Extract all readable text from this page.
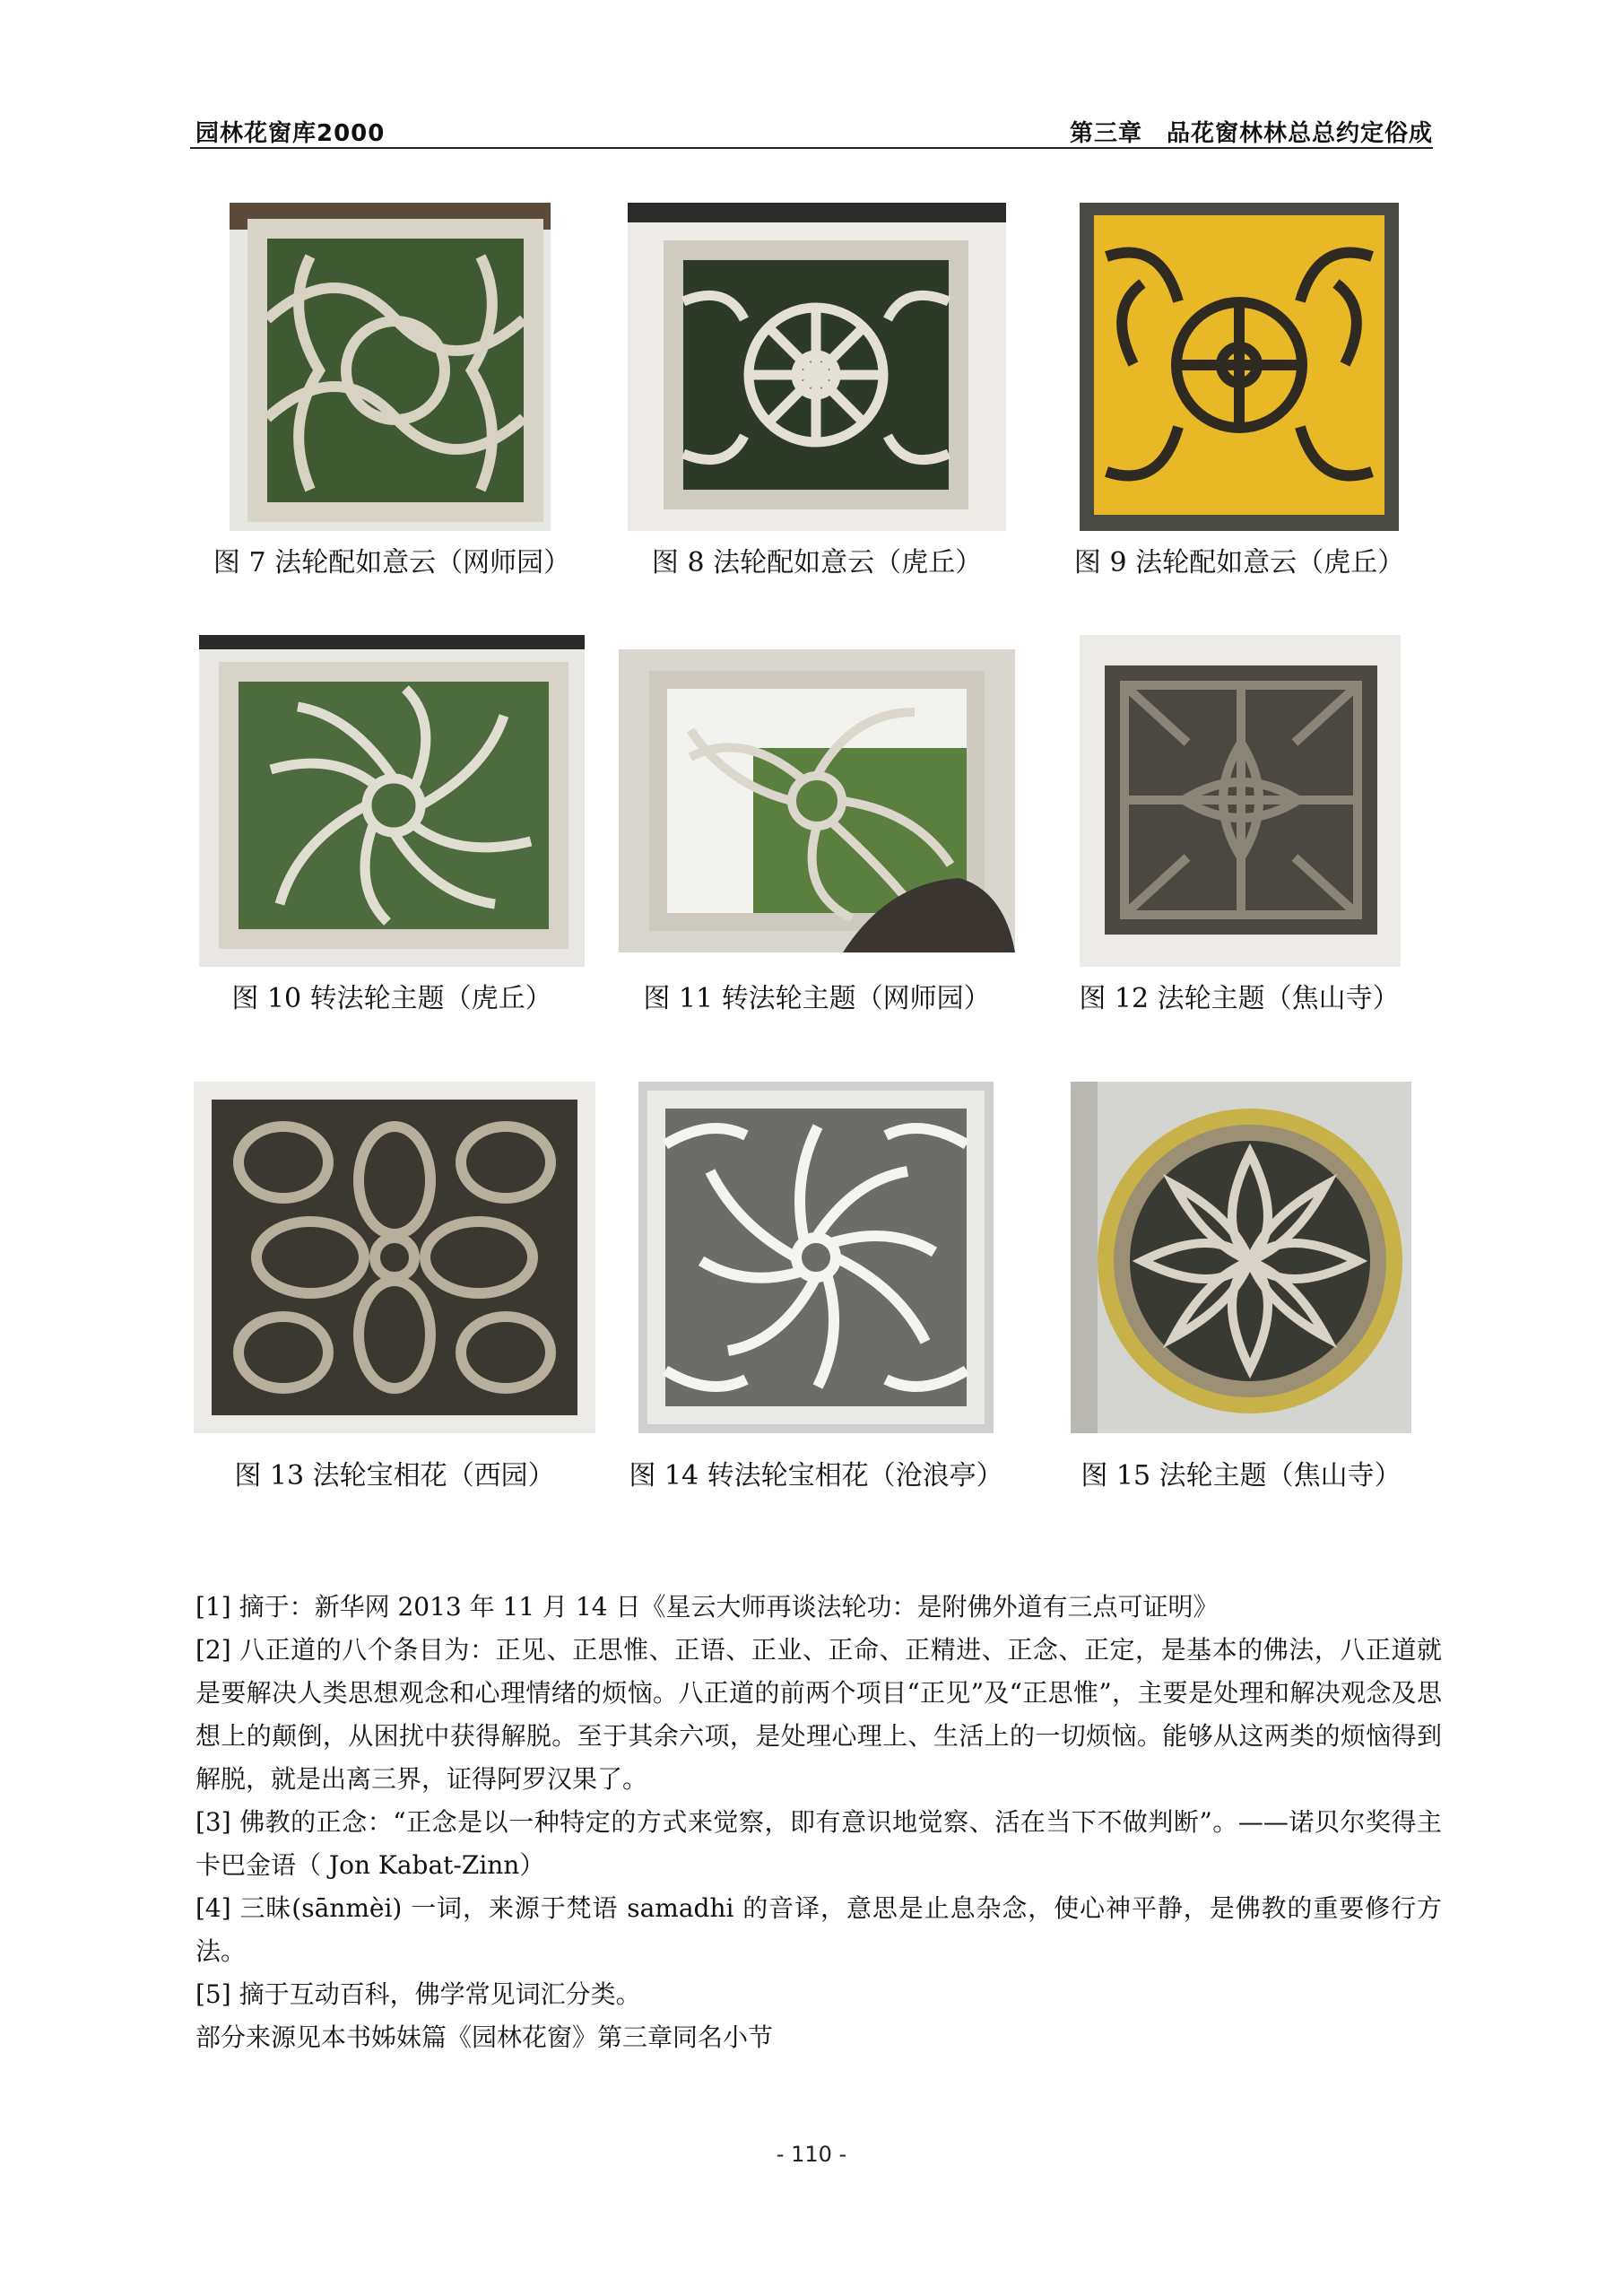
园林花窗库2000	第三章　品花窗林林总总约定俗成
图 7 法轮配如意云（网师园）	图 8 法轮配如意云（虎丘）	图 9 法轮配如意云（虎丘）
图 10 转法轮主题（虎丘）	图 11 转法轮主题（网师园）	图 12 法轮主题（焦山寺）
图 13 法轮宝相花（西园）	图 14 转法轮宝相花（沧浪亭）	图 15 法轮主题（焦山寺）

[1] 摘于：新华网 2013 年 11 月 14 日《星云大师再谈法轮功：是附佛外道有三点可证明》

[2] 八正道的八个条目为：正见、正思惟、正语、正业、正命、正精进、正念、正定，是基本的佛法，八正道就是要解决人类思想观念和心理情绪的烦恼。八正道的前两个项目“正见”及“正思惟”，主要是处理和解决观念及思想上的颠倒，从困扰中获得解脱。至于其余六项，是处理心理上、生活上的一切烦恼。能够从这两类的烦恼得到解脱，就是出离三界，证得阿罗汉果了。

[3] 佛教的正念：“正念是以一种特定的方式来觉察，即有意识地觉察、活在当下不做判断”。——诺贝尔奖得主卡巴金语（ Jon Kabat-Zinn）

[4] 三昧(sānmèi) 一词，来源于梵语 samadhi 的音译，意思是止息杂念，使心神平静，是佛教的重要修行方法。

[5] 摘于互动百科，佛学常见词汇分类。

部分来源见本书姊妹篇《园林花窗》第三章同名小节

- 110 -
